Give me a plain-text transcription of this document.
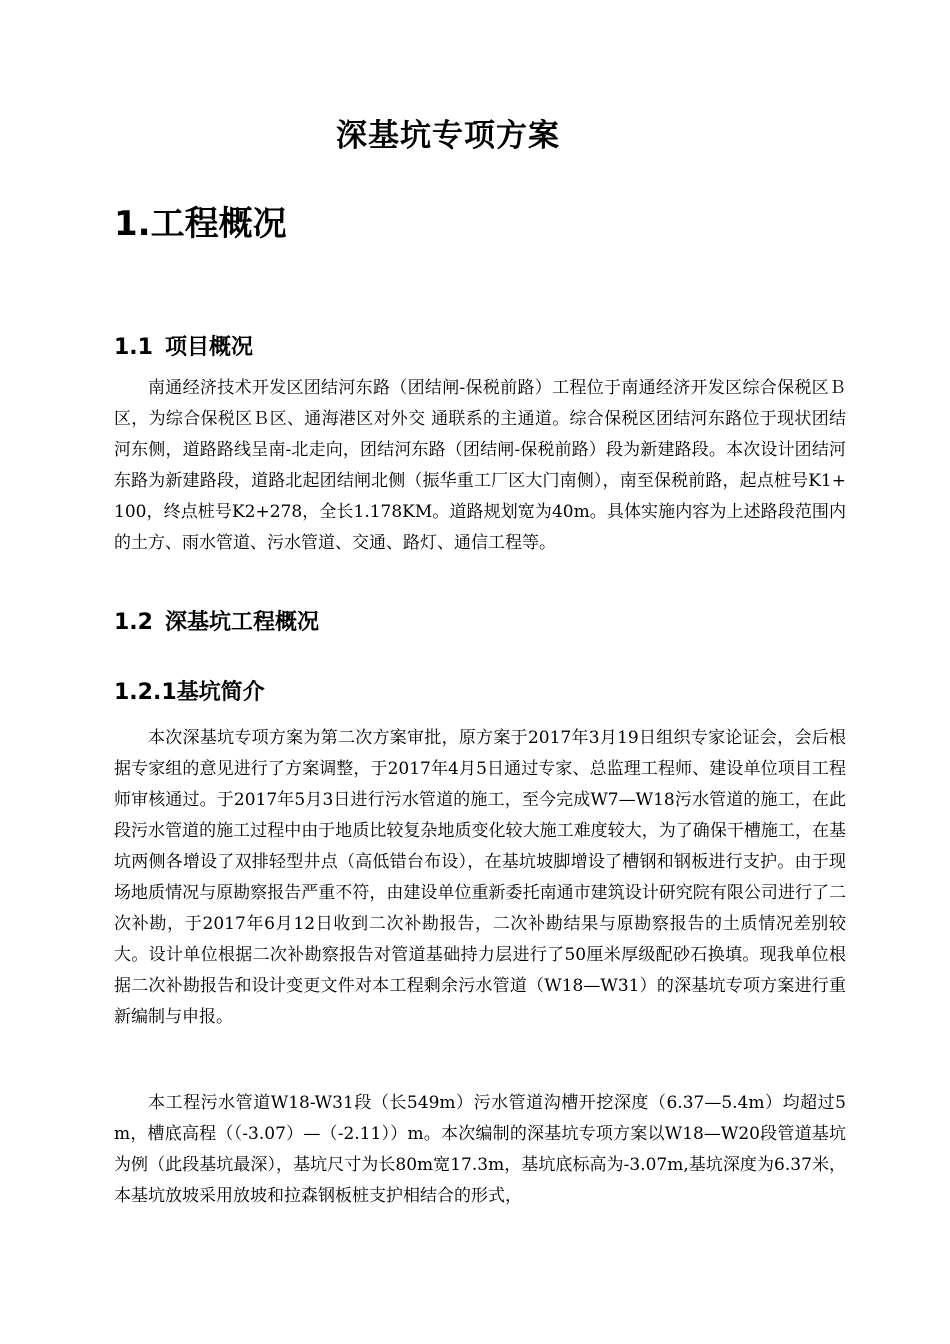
深基坑专项方案
1.工程概况
1.1 项目概况

南通经济技术开发区团结河东路（团结闸-保税前路）工程位于南通经济开发区综合保税区Ｂ区，为综合保税区Ｂ区、通海港区对外交 通联系的主通道。综合保税区团结河东路位于现状团结河东侧，道路路线呈南-北走向，团结河东路（团结闸-保税前路）段为新建路段。本次设计团结河东路为新建路段，道路北起团结闸北侧（振华重工厂区大门南侧），南至保税前路，起点桩号K1+100，终点桩号K2+278，全长1.178KM。道路规划宽为40m。具体实施内容为上述路段范围内的土方、雨水管道、污水管道、交通、路灯、通信工程等。

1.2 深基坑工程概况
1.2.1基坑简介

本次深基坑专项方案为第二次方案审批，原方案于2017年3月19日组织专家论证会，会后根据专家组的意见进行了方案调整，于2017年4月5日通过专家、总监理工程师、建设单位项目工程师审核通过。于2017年5月3日进行污水管道的施工，至今完成W7—W18污水管道的施工，在此段污水管道的施工过程中由于地质比较复杂地质变化较大施工难度较大，为了确保干槽施工，在基坑两侧各增设了双排轻型井点（高低错台布设），在基坑坡脚增设了槽钢和钢板进行支护。由于现场地质情况与原勘察报告严重不符，由建设单位重新委托南通市建筑设计研究院有限公司进行了二次补勘，于2017年6月12日收到二次补勘报告，二次补勘结果与原勘察报告的土质情况差别较大。设计单位根据二次补勘察报告对管道基础持力层进行了50厘米厚级配砂石换填。现我单位根据二次补勘报告和设计变更文件对本工程剩余污水管道（W18—W31）的深基坑专项方案进行重新编制与申报。

本工程污水管道W18-W31段（长549m）污水管道沟槽开挖深度（6.37—5.4m）均超过5m，槽底高程（（-3.07）—（-2.11））m。本次编制的深基坑专项方案以W18—W20段管道基坑为例（此段基坑最深），基坑尺寸为长80m宽17.3m，基坑底标高为-3.07m,基坑深度为6.37米，本基坑放坡采用放坡和拉森钢板桩支护相结合的形式，
